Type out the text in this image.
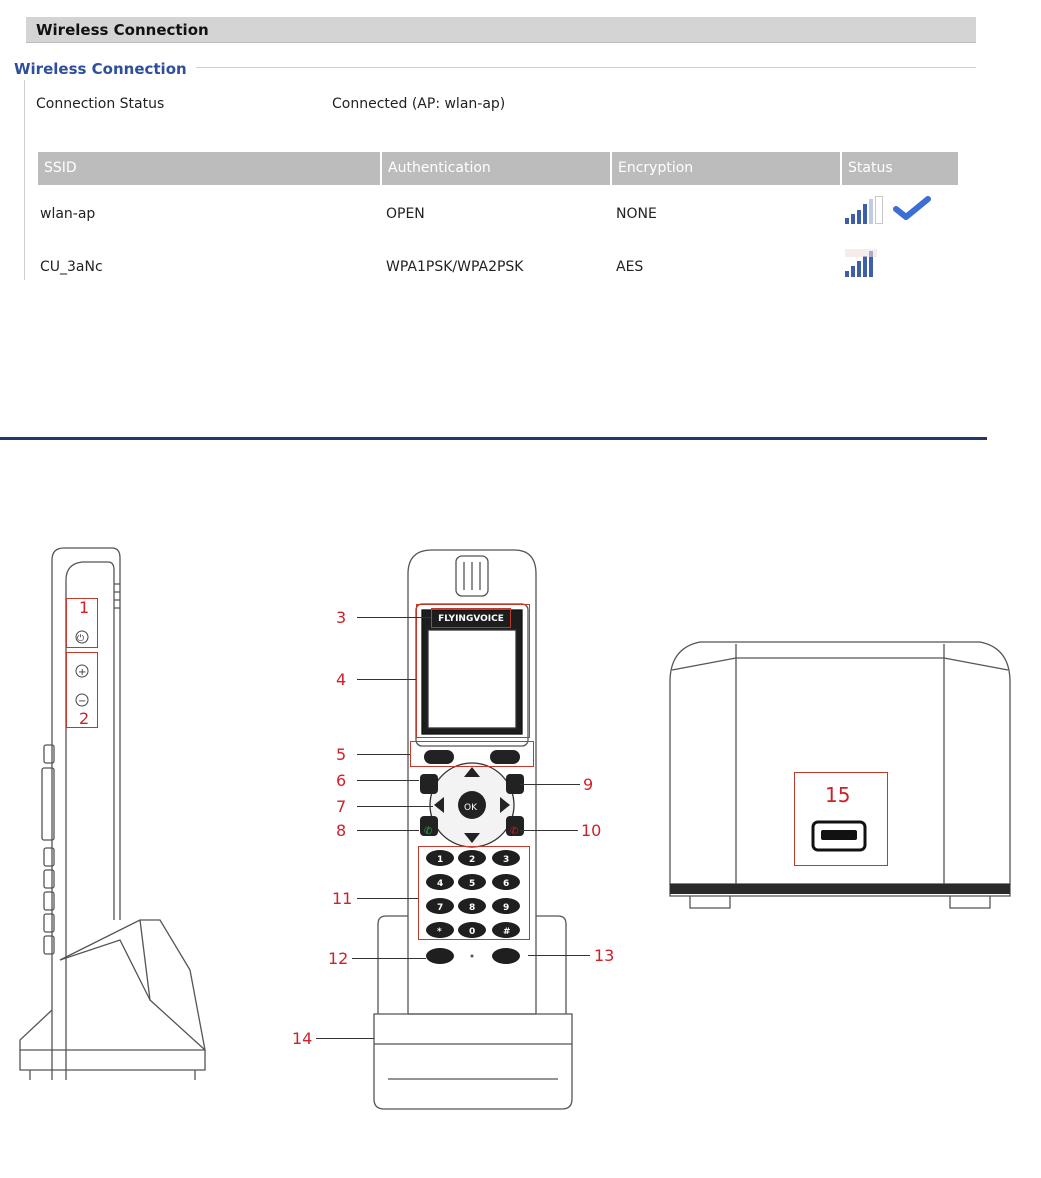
Wireless Connection
Wireless Connection
Connection Status	Connected (AP: wlan-ap)
SSID	Authentication	Encryption	Status
wlan-ap	OPEN	NONE
CU_3aNc	WPA1PSK/WPA2PSK	AES
⏻
+
−
1
2
OK
✆	✆
1	2	3
4	5	6
7	8	9
*	0	#
FLYINGVOICE
3
4
5
6
7
8
9
10
11
12	13
14
15
